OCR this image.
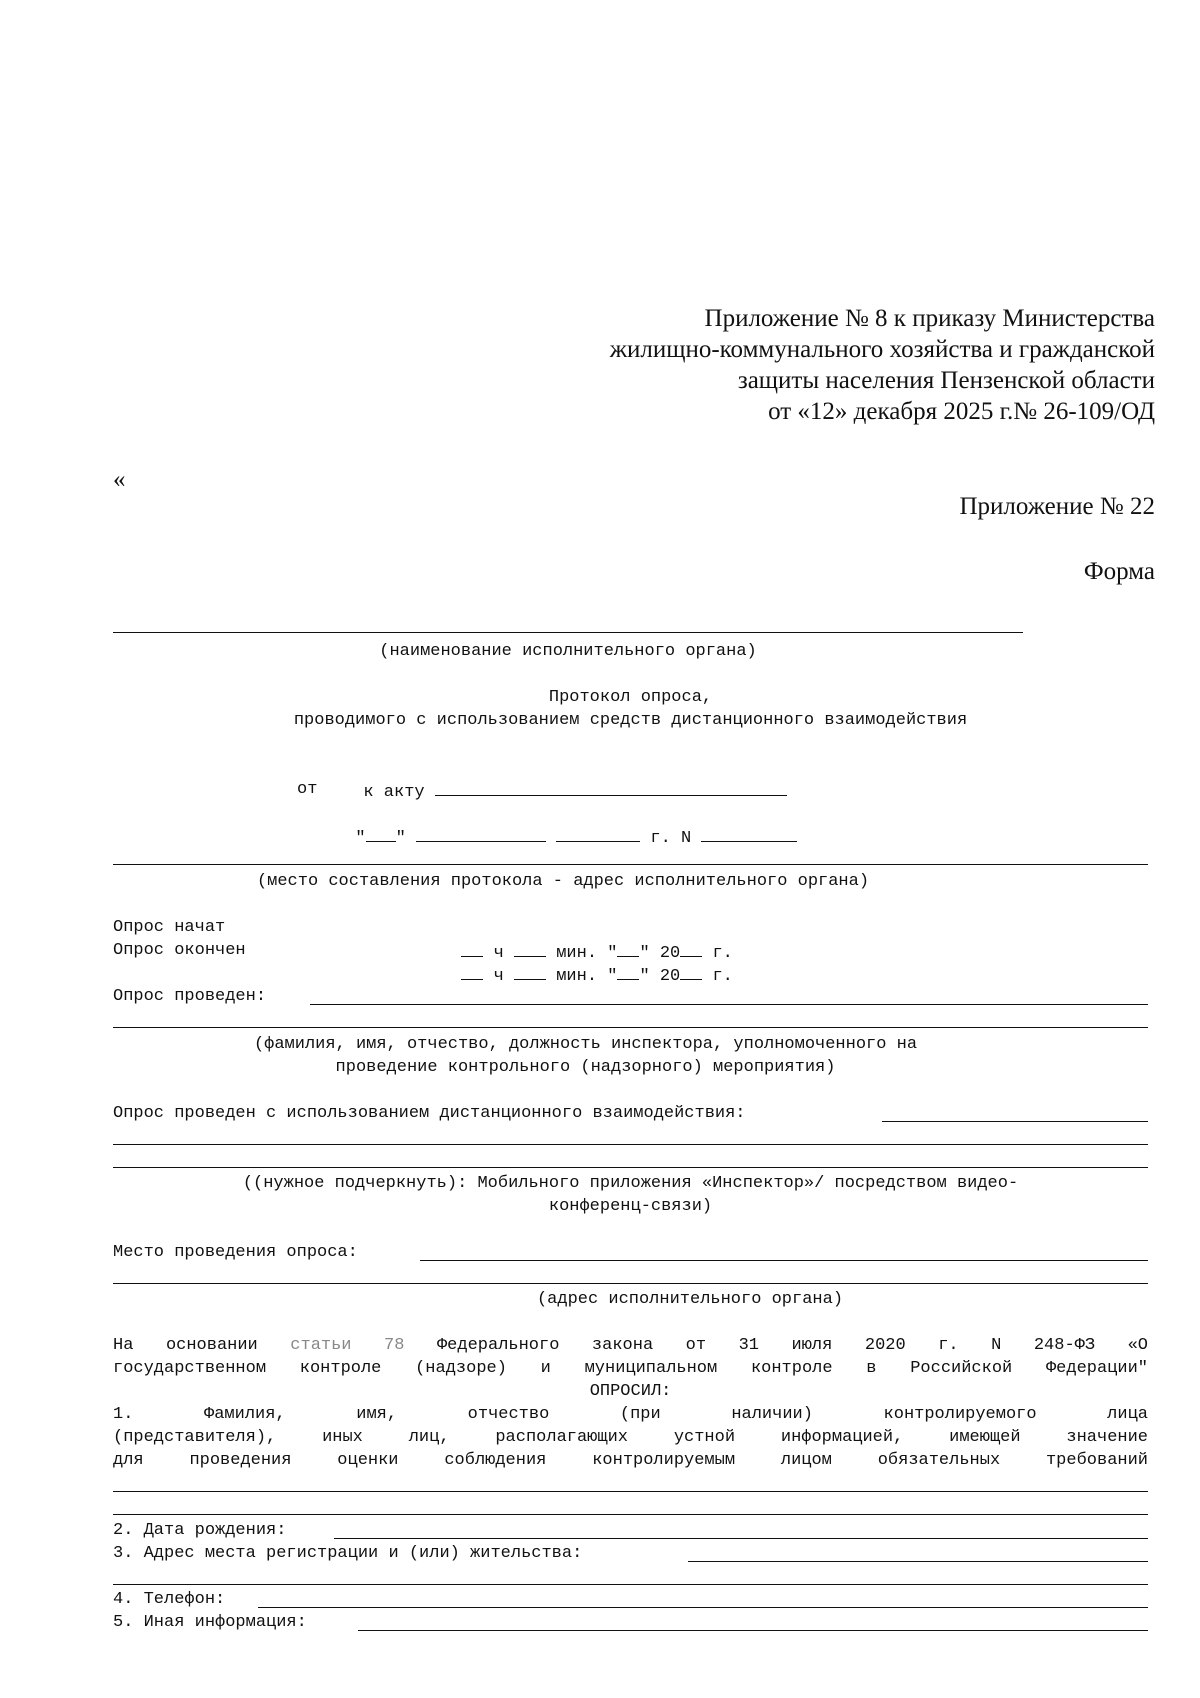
Приложение № 8 к приказу Министерства
жилищно-коммунального хозяйства и гражданской
защиты населения Пензенской области
от «12» декабря 2025 г.№ 26-109/ОД
«
Приложение № 22
Форма
(наименование исполнительного органа)
Протокол опроса,
проводимого с использованием средств дистанционного взаимодействия

к акту

от

" "	г. N

(место составления протокола - адрес исполнительного органа)
Опрос начат

ч	мин. " " 20 г.

Опрос окончен

ч	мин. " " 20 г.

Опрос проведен:
(фамилия, имя, отчество, должность инспектора, уполномоченного на
проведение контрольного (надзорного) мероприятия)
Опрос проведен с использованием дистанционного взаимодействия:
((нужное подчеркнуть): Мобильного приложения «Инспектор»/ посредством видео-
конференц-связи)
Место проведения опроса:
(адрес исполнительного органа)
На основании статьи 78 Федерального закона от 31 июля 2020 г. N 248-ФЗ «О
государственном контроле (надзоре) и муниципальном контроле в Российской Федерации"
ОПРОСИЛ:
1. Фамилия, имя, отчество (при наличии) контролируемого лица
(представителя), иных лиц, располагающих устной информацией, имеющей значение
для проведения оценки соблюдения контролируемым лицом обязательных требований
2. Дата рождения:
3. Адрес места регистрации и (или) жительства:
4. Телефон:
5. Иная информация:
